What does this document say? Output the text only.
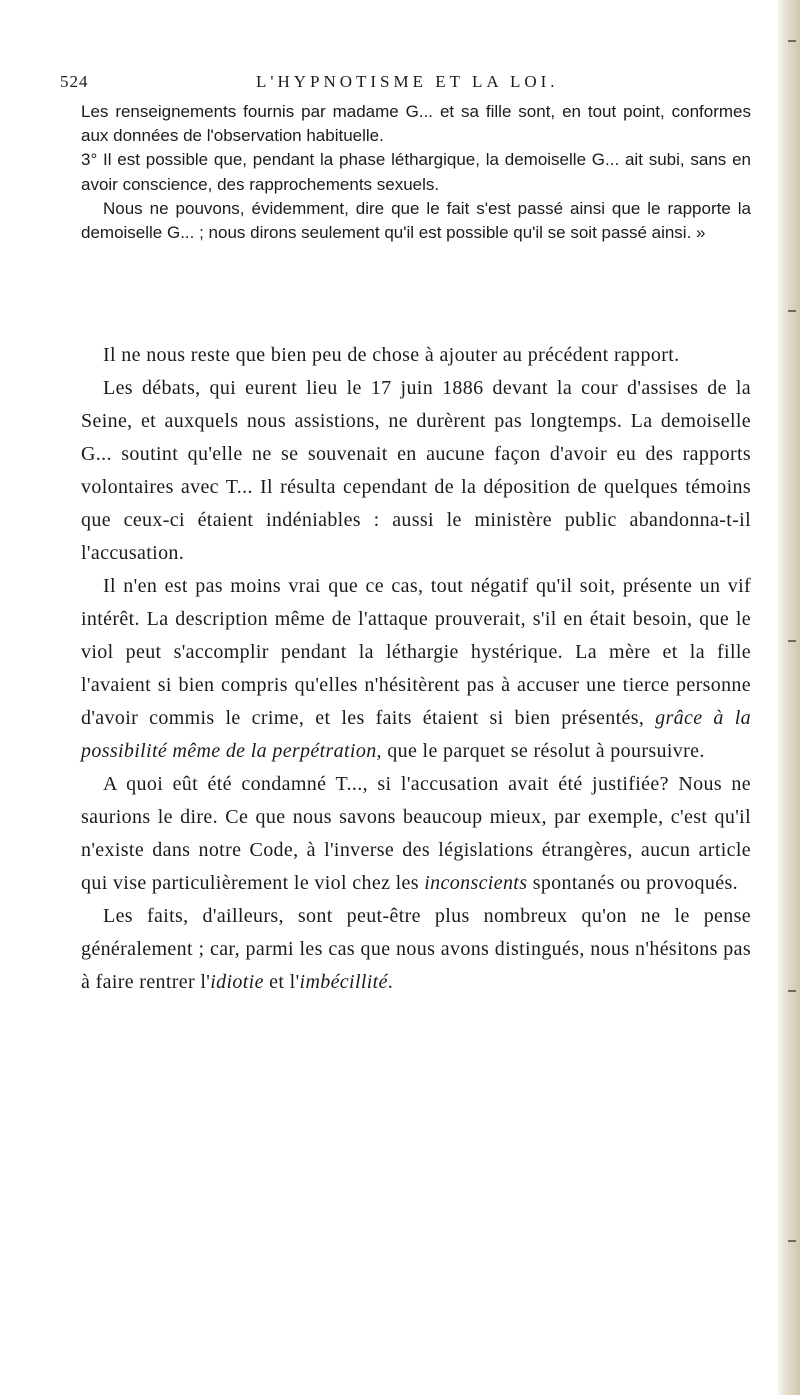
524	L'HYPNOTISME ET LA LOI.

Les renseignements fournis par madame G... et sa fille sont, en tout point, conformes aux données de l'observation habituelle.

3° Il est possible que, pendant la phase léthargique, la demoiselle G... ait subi, sans en avoir conscience, des rapprochements sexuels.

Nous ne pouvons, évidemment, dire que le fait s'est passé ainsi que le rapporte la demoiselle G... ; nous dirons seulement qu'il est possible qu'il se soit passé ainsi. »

Il ne nous reste que bien peu de chose à ajouter au précédent rapport.

Les débats, qui eurent lieu le 17 juin 1886 devant la cour d'assises de la Seine, et auxquels nous assistions, ne durèrent pas longtemps. La demoiselle G... soutint qu'elle ne se souvenait en aucune façon d'avoir eu des rapports volontaires avec T... Il résulta cependant de la déposition de quelques témoins que ceux-ci étaient indéniables : aussi le ministère public abandonna-t-il l'accusation.

Il n'en est pas moins vrai que ce cas, tout négatif qu'il soit, présente un vif intérêt. La description même de l'attaque prouverait, s'il en était besoin, que le viol peut s'accomplir pendant la léthargie hystérique. La mère et la fille l'avaient si bien compris qu'elles n'hésitèrent pas à accuser une tierce personne d'avoir commis le crime, et les faits étaient si bien présentés, grâce à la possibilité même de la perpétration, que le parquet se résolut à poursuivre.

A quoi eût été condamné T..., si l'accusation avait été justifiée? Nous ne saurions le dire. Ce que nous savons beaucoup mieux, par exemple, c'est qu'il n'existe dans notre Code, à l'inverse des législations étrangères, aucun article qui vise particulièrement le viol chez les inconscients spontanés ou provoqués.

Les faits, d'ailleurs, sont peut-être plus nombreux qu'on ne le pense généralement ; car, parmi les cas que nous avons distingués, nous n'hésitons pas à faire rentrer l'idiotie et l'imbécillité.
